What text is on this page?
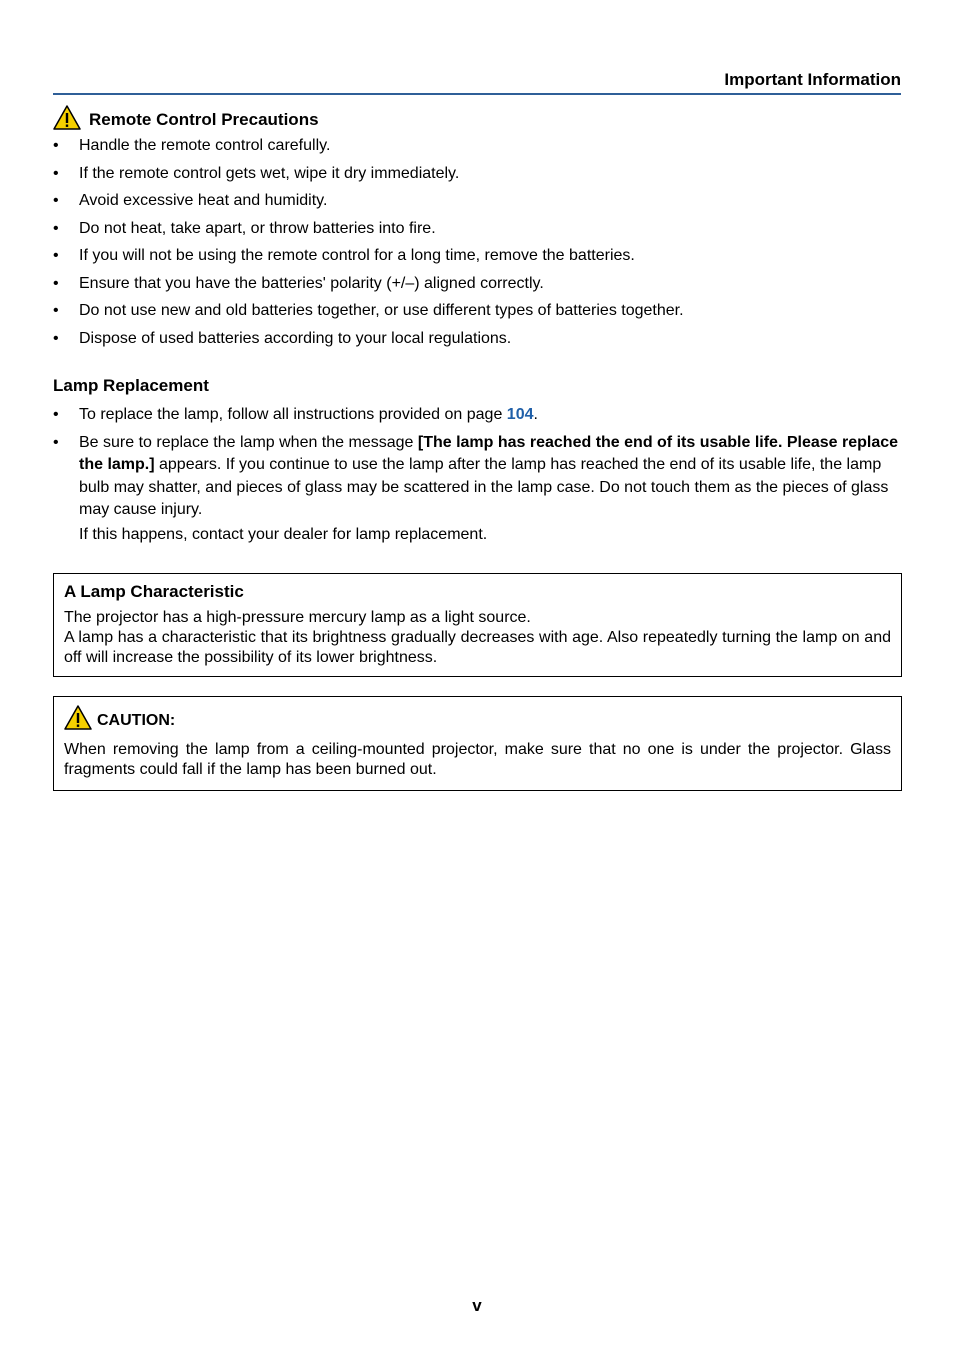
Important Information
Remote Control Precautions
• Handle the remote control carefully.
• If the remote control gets wet, wipe it dry immediately.
• Avoid excessive heat and humidity.
• Do not heat, take apart, or throw batteries into fire.
• If you will not be using the remote control for a long time, remove the batteries.
• Ensure that you have the batteries' polarity (+/–) aligned correctly.
• Do not use new and old batteries together, or use different types of batteries together.
• Dispose of used batteries according to your local regulations.
Lamp Replacement
• To replace the lamp, follow all instructions provided on page 104.
• Be sure to replace the lamp when the message [The lamp has reached the end of its usable life. Please replace the lamp.] appears. If you continue to use the lamp after the lamp has reached the end of its usable life, the lamp bulb may shatter, and pieces of glass may be scattered in the lamp case. Do not touch them as the pieces of glass may cause injury.
If this happens, contact your dealer for lamp replacement.
A Lamp Characteristic
The projector has a high-pressure mercury lamp as a light source.
A lamp has a characteristic that its brightness gradually decreases with age. Also repeatedly turning the lamp on and off will increase the possibility of its lower brightness.
CAUTION:
When removing the lamp from a ceiling-mounted projector, make sure that no one is under the projector. Glass fragments could fall if the lamp has been burned out.
v
